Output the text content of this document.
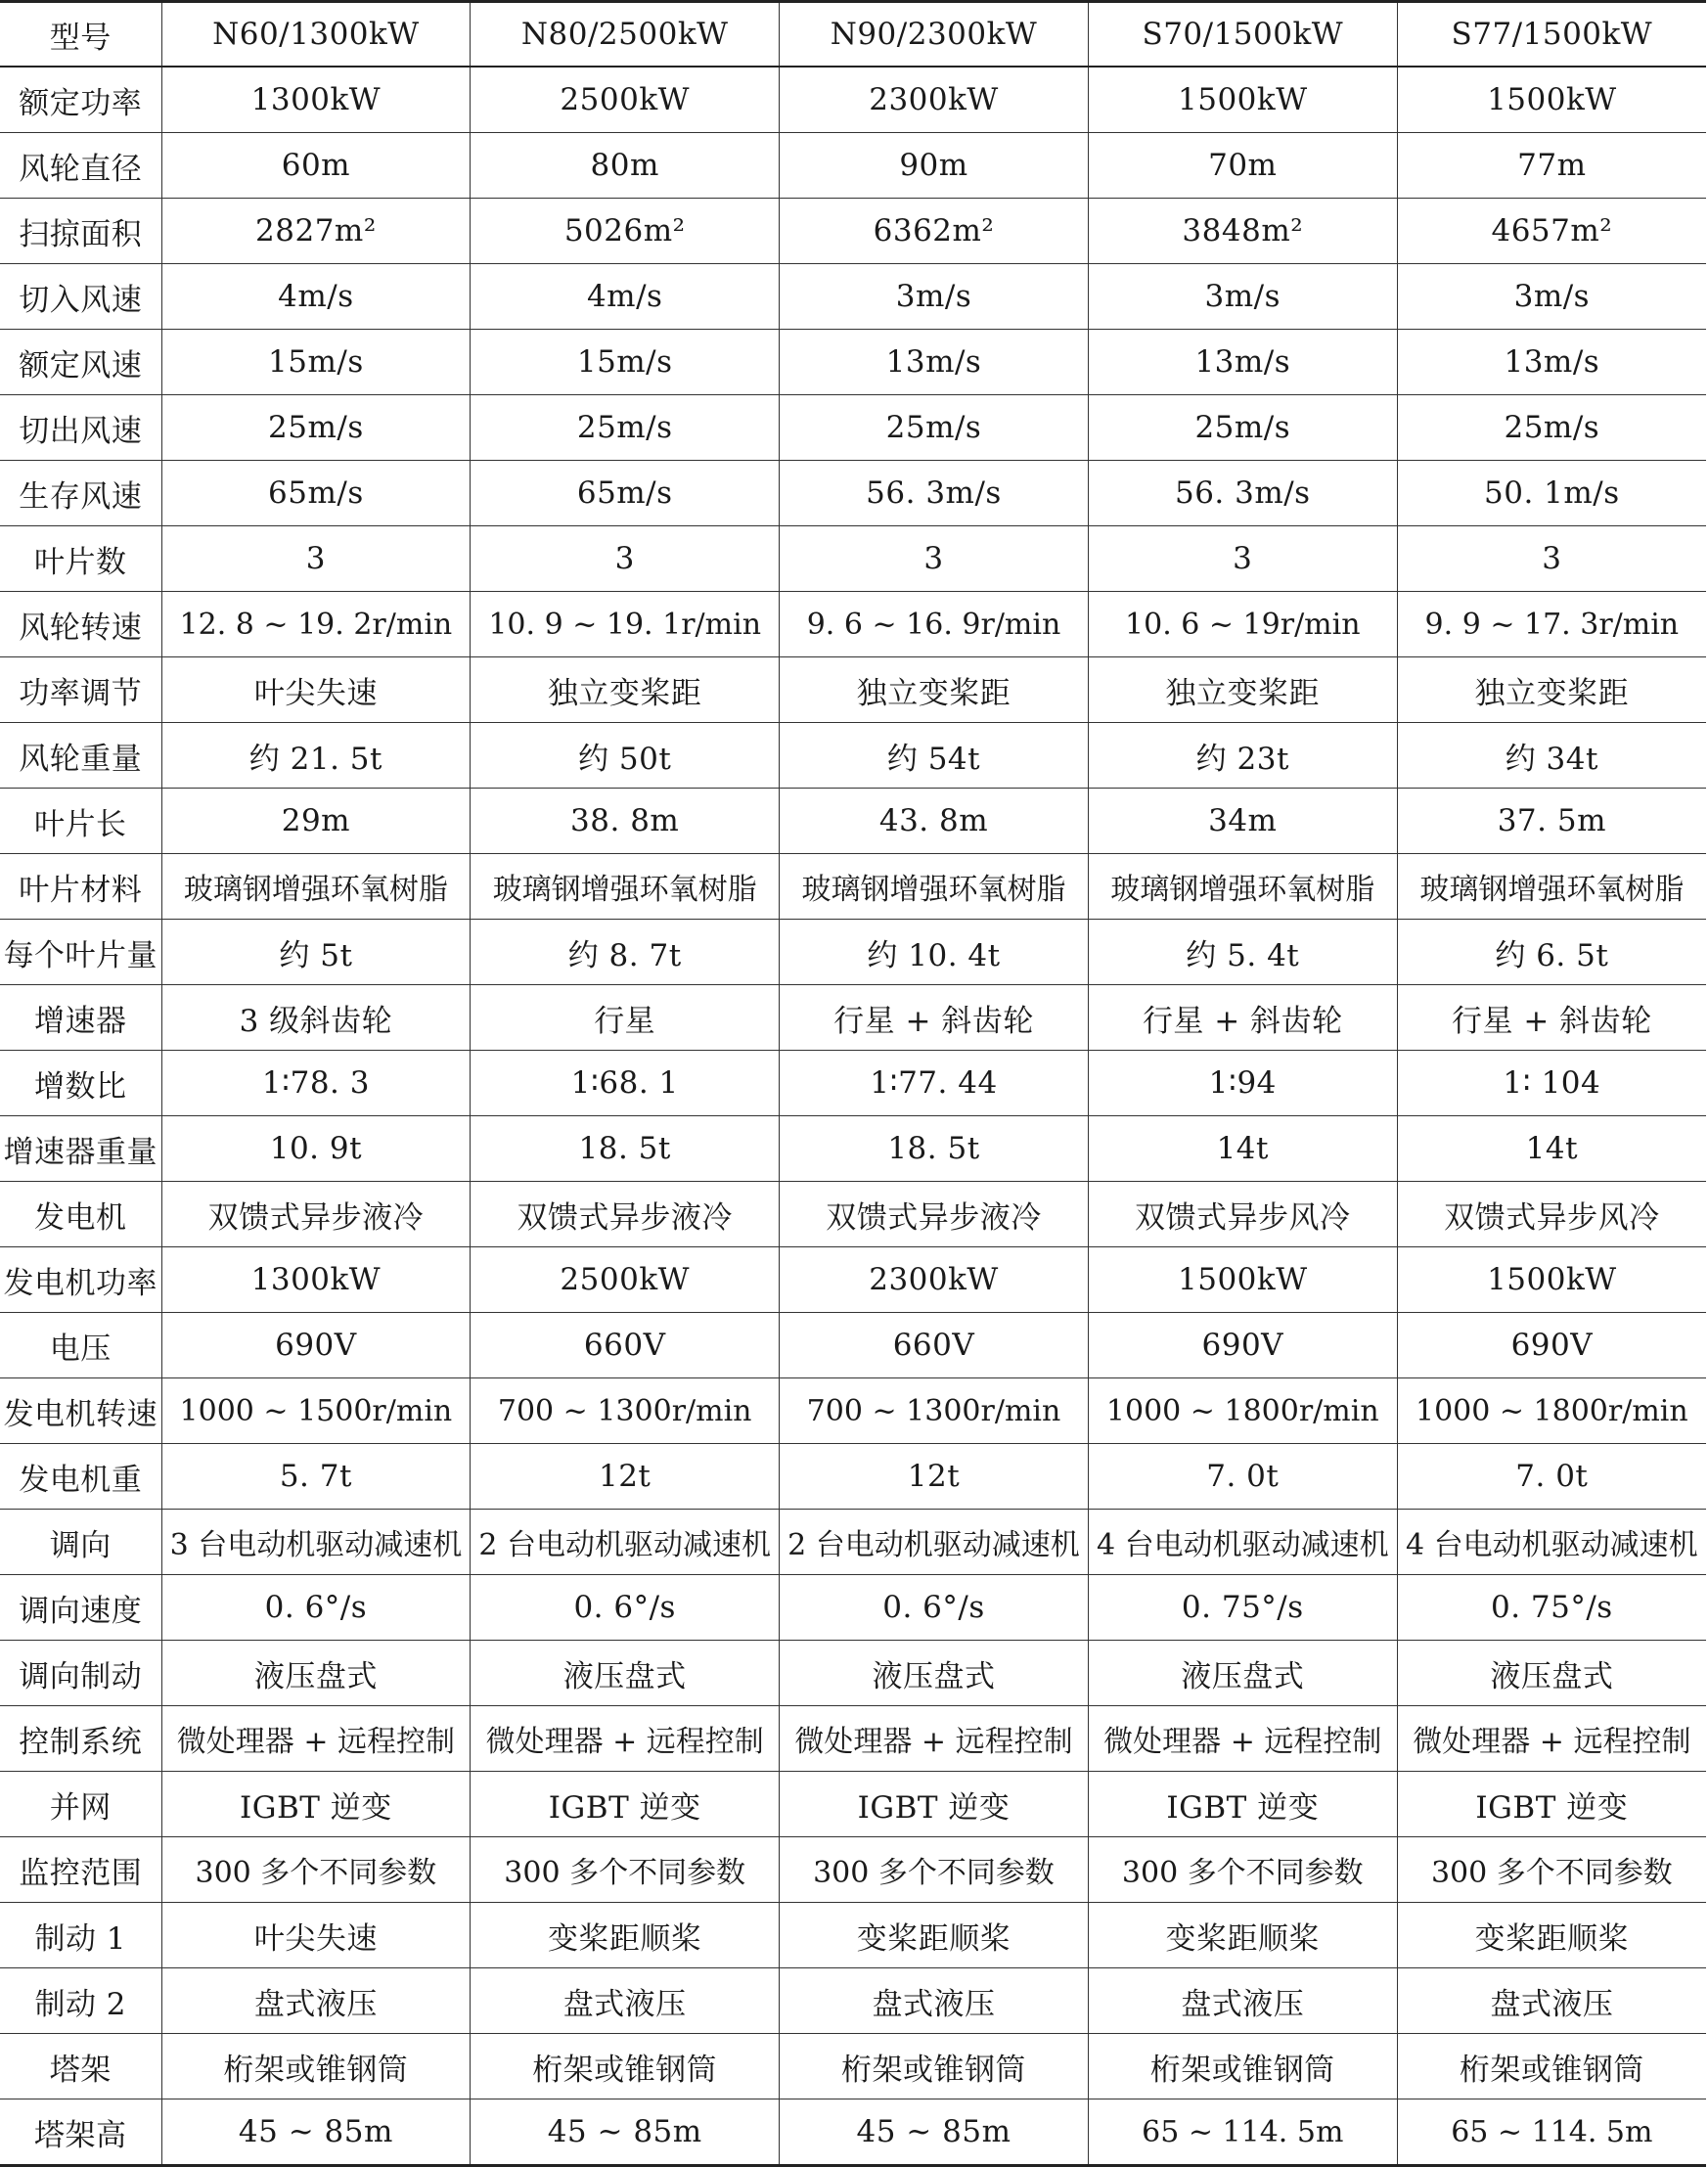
型号	N60/1300kW	N80/2500kW	N90/2300kW	S70/1500kW	S77/1500kW
额定功率	1300kW	2500kW	2300kW	1500kW	1500kW
风轮直径	60m	80m	90m	70m	77m
扫掠面积	2827m²	5026m²	6362m²	3848m²	4657m²
切入风速	4m/s	4m/s	3m/s	3m/s	3m/s
额定风速	15m/s	15m/s	13m/s	13m/s	13m/s
切出风速	25m/s	25m/s	25m/s	25m/s	25m/s
生存风速	65m/s	65m/s	56. 3m/s	56. 3m/s	50. 1m/s
叶片数	3	3	3	3	3
风轮转速	12. 8 ~ 19. 2r/min	10. 9 ~ 19. 1r/min	9. 6 ~ 16. 9r/min	10. 6 ~ 19r/min	9. 9 ~ 17. 3r/min
功率调节	叶尖失速	独立变桨距	独立变桨距	独立变桨距	独立变桨距
风轮重量	约 21. 5t	约 50t	约 54t	约 23t	约 34t
叶片长	29m	38. 8m	43. 8m	34m	37. 5m
叶片材料	玻璃钢增强环氧树脂	玻璃钢增强环氧树脂	玻璃钢增强环氧树脂	玻璃钢增强环氧树脂	玻璃钢增强环氧树脂
每个叶片量	约 5t	约 8. 7t	约 10. 4t	约 5. 4t	约 6. 5t
增速器	3 级斜齿轮	行星	行星 + 斜齿轮	行星 + 斜齿轮	行星 + 斜齿轮
增数比	1∶78. 3	1∶68. 1	1∶77. 44	1∶94	1∶ 104
增速器重量	10. 9t	18. 5t	18. 5t	14t	14t
发电机	双馈式异步液冷	双馈式异步液冷	双馈式异步液冷	双馈式异步风冷	双馈式异步风冷
发电机功率	1300kW	2500kW	2300kW	1500kW	1500kW
电压	690V	660V	660V	690V	690V
发电机转速	1000 ~ 1500r/min	700 ~ 1300r/min	700 ~ 1300r/min	1000 ~ 1800r/min	1000 ~ 1800r/min
发电机重	5. 7t	12t	12t	7. 0t	7. 0t
调向	3 台电动机驱动减速机	2 台电动机驱动减速机	2 台电动机驱动减速机	4 台电动机驱动减速机	4 台电动机驱动减速机
调向速度	0. 6°/s	0. 6°/s	0. 6°/s	0. 75°/s	0. 75°/s
调向制动	液压盘式	液压盘式	液压盘式	液压盘式	液压盘式
控制系统	微处理器 + 远程控制	微处理器 + 远程控制	微处理器 + 远程控制	微处理器 + 远程控制	微处理器 + 远程控制
并网	IGBT 逆变	IGBT 逆变	IGBT 逆变	IGBT 逆变	IGBT 逆变
监控范围	300 多个不同参数	300 多个不同参数	300 多个不同参数	300 多个不同参数	300 多个不同参数
制动 1	叶尖失速	变桨距顺桨	变桨距顺桨	变桨距顺桨	变桨距顺桨
制动 2	盘式液压	盘式液压	盘式液压	盘式液压	盘式液压
塔架	桁架或锥钢筒	桁架或锥钢筒	桁架或锥钢筒	桁架或锥钢筒	桁架或锥钢筒
塔架高	45 ~ 85m	45 ~ 85m	45 ~ 85m	65 ~ 114. 5m	65 ~ 114. 5m
